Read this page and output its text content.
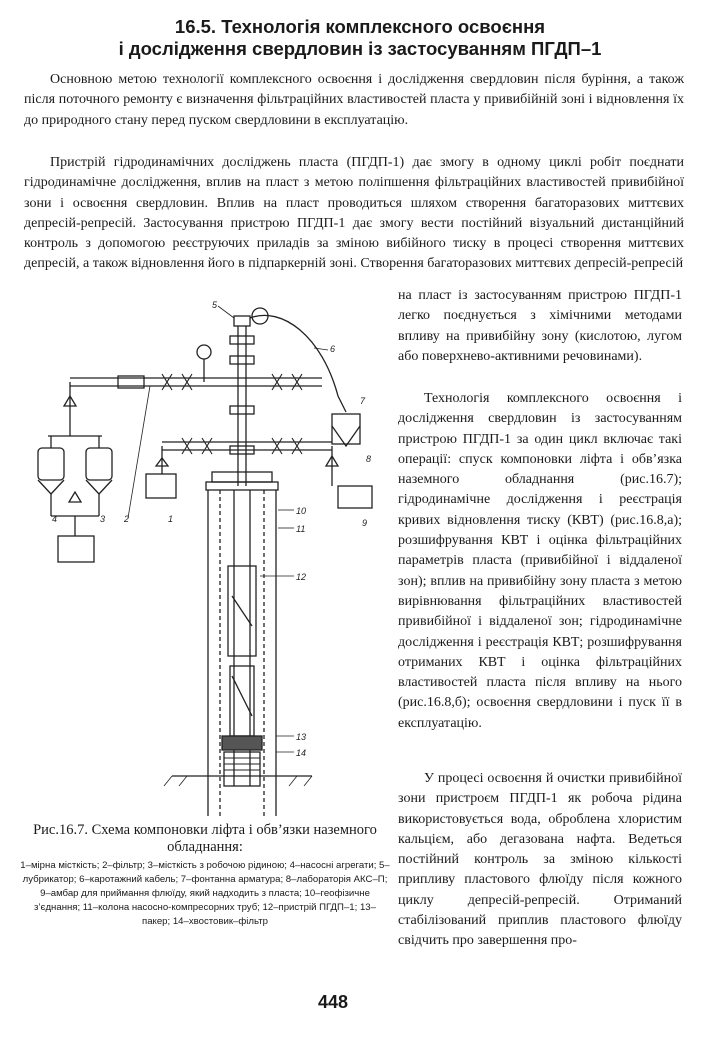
16.5. Технологія комплексного освоєння
і дослідження свердловин із застосуванням ПГДП–1

Основною метою технології комплексного освоєння і дослідження свердловин після буріння, а також після поточного ремонту є визначення фільтраційних властивостей пласта у привибійній зоні і відновлення їх до природного стану перед пуском свердловини в експлуатацію.

Пристрій гідродинамічних досліджень пласта (ПГДП-1) дає змогу в одному циклі робіт поєднати гідродинамічне дослідження, вплив на пласт з метою поліпшення фільтраційних властивостей привибійної зони і освоєння свердловин. Вплив на пласт проводиться шляхом створення багаторазових миттєвих депресій-репресій. Застосування пристрою ПГДП-1 дає змогу вести постійний візуальний дистанційний контроль з допомогою реєструючих приладів за зміною вибійного тиску в процесі створення миттєвих депресій, а також відновлення його в підпаркерній зоні. Створення багаторазових миттєвих депресій-репресій

на пласт із застосуванням пристрою ПГДП-1 легко поєднується з хімічними методами впливу на привибійну зону (кислотою, лугом або поверхнево-активними речовинами).

Технологія комплексного освоєння і дослідження свердловин із застосуванням пристрою ПГДП-1 за один цикл включає такі операції: спуск компоновки ліфта і обв’язка наземного обладнання (рис.16.7); гідродинамічне дослідження і реєстрація кривих відновлення тиску (КВТ) (рис.16.8,а); розшифрування КВТ і оцінка фільтраційних параметрів пласта (привибійної і віддаленої зон); вплив на привибійну зону пласта з метою вирівнювання фільтраційних властивостей привибійної і віддаленої зон; гідродинамічне дослідження і реєстрація КВТ; розшифрування отриманих КВТ і оцінка фільтраційних властивостей пласта після впливу на нього (рис.16.8,б); освоєння свердловини і пуск її в експлуатацію.

У процесі освоєння й очистки привибійної зони пристроєм ПГДП-1 як робоча рідина використовується вода, оброблена хлористим кальцієм, або дегазована нафта. Ведеться постійний контроль за зміною кількості припливу пластового флюїду після кожного циклу депресій-репресій. Отриманий стабілізований приплив пластового флюїду свідчить про завершення про-

1
2
3
4
5
6
7
8
9
10
11
12
13
14

Рис.16.7. Схема компоновки ліфта і обв’язки наземного обладнання:

1–мірна місткість; 2–фільтр; 3–місткість з робочою рідиною; 4–насосні агрегати; 5–лубрикатор; 6–каротажний кабель; 7–фонтанна арматура; 8–лабораторія АКС–П; 9–амбар для приймання флюїду, який надходить з пласта; 10–геофізичне з’єднання; 11–колона насосно-компресорних труб; 12–пристрій ПГДП–1; 13–пакер; 14–хвостовик–фільтр

448
